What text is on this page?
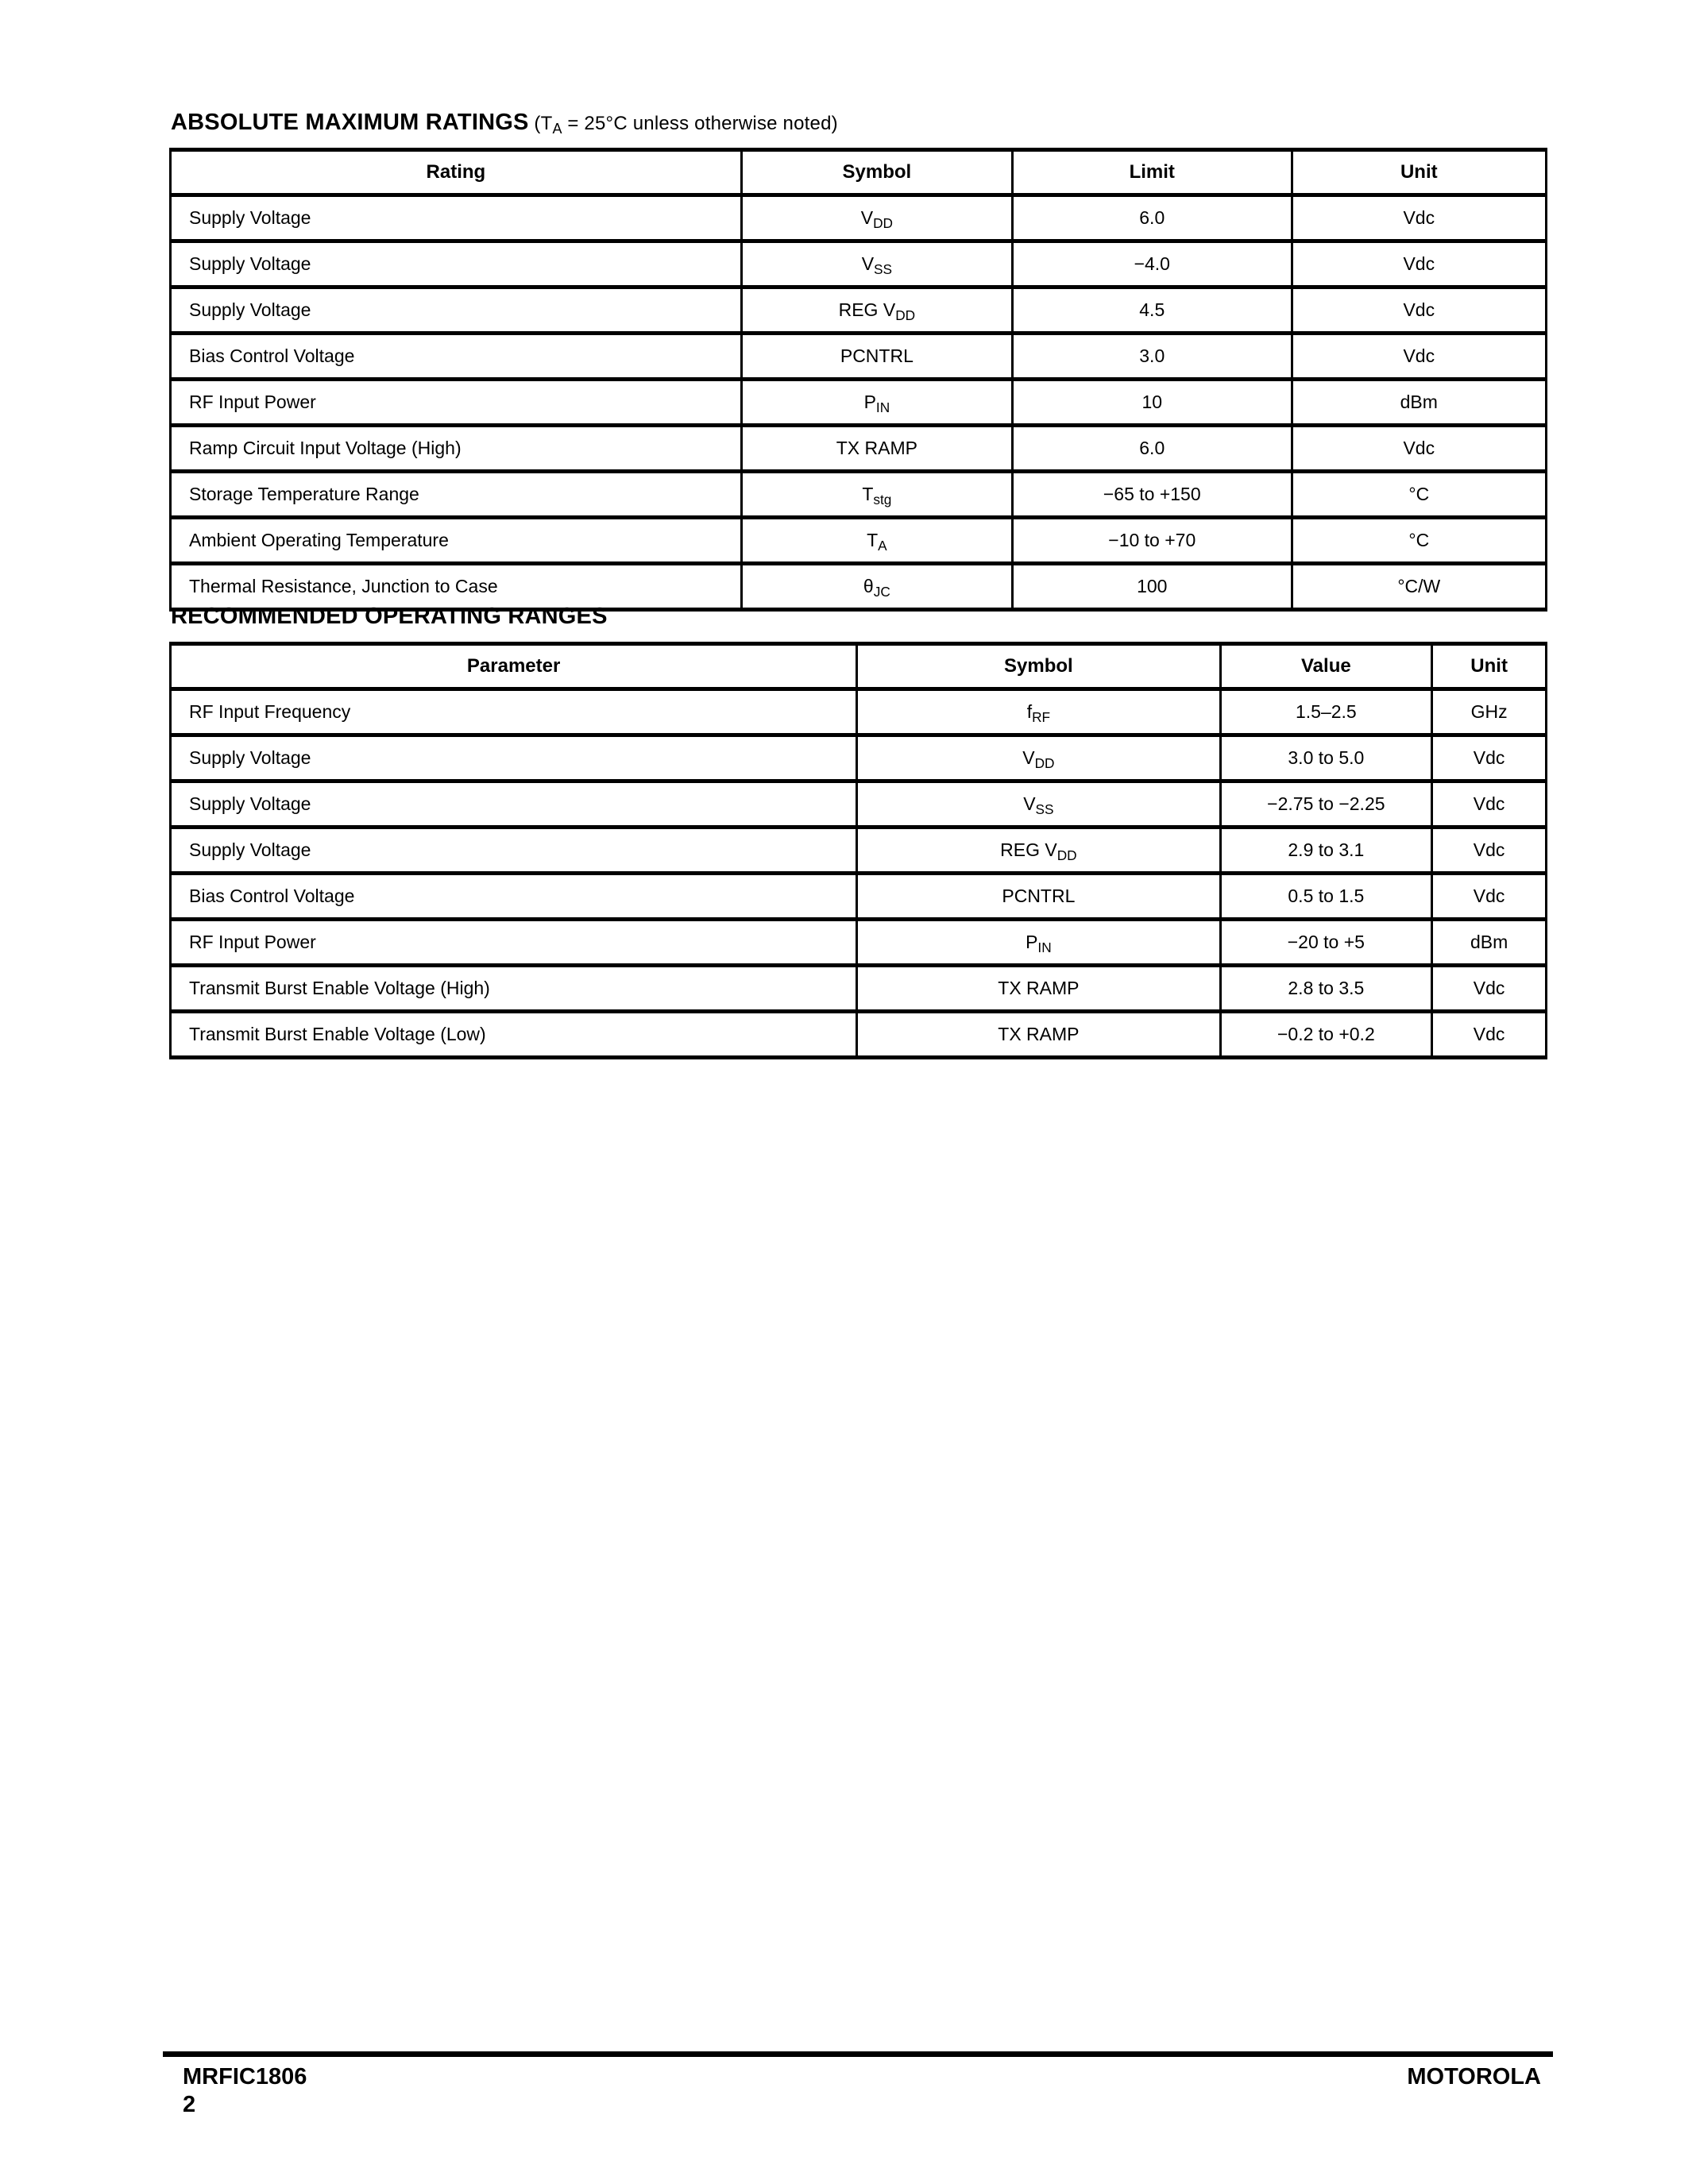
ABSOLUTE MAXIMUM RATINGS ($T_A = 25^\circ C$ unless otherwise noted)
Rating	Symbol	Limit	Unit
Supply Voltage	$V_{DD}$	6.0	Vdc
Supply Voltage	$V_{SS}$	−4.0	Vdc
Supply Voltage	REG $V_{DD}$	4.5	Vdc
Bias Control Voltage	PCNTRL	3.0	Vdc
RF Input Power	$P_{IN}$	10	dBm
Ramp Circuit Input Voltage (High)	TX RAMP	6.0	Vdc
Storage Temperature Range	$T_{stg}$	−65 to +150	°C
Ambient Operating Temperature	$T_A$	−10 to +70	°C
Thermal Resistance, Junction to Case	$\theta_{JC}$	100	°C/W
RECOMMENDED OPERATING RANGES
Parameter	Symbol	Value	Unit
RF Input Frequency	$f_{RF}$	1.5–2.5	GHz
Supply Voltage	$V_{DD}$	3.0 to 5.0	Vdc
Supply Voltage	$V_{SS}$	−2.75 to −2.25	Vdc
Supply Voltage	REG $V_{DD}$	2.9 to 3.1	Vdc
Bias Control Voltage	PCNTRL	0.5 to 1.5	Vdc
RF Input Power	$P_{IN}$	−20 to +5	dBm
Transmit Burst Enable Voltage (High)	TX RAMP	2.8 to 3.5	Vdc
Transmit Burst Enable Voltage (Low)	TX RAMP	−0.2 to +0.2	Vdc
MRFIC1806
2
MOTOROLA
